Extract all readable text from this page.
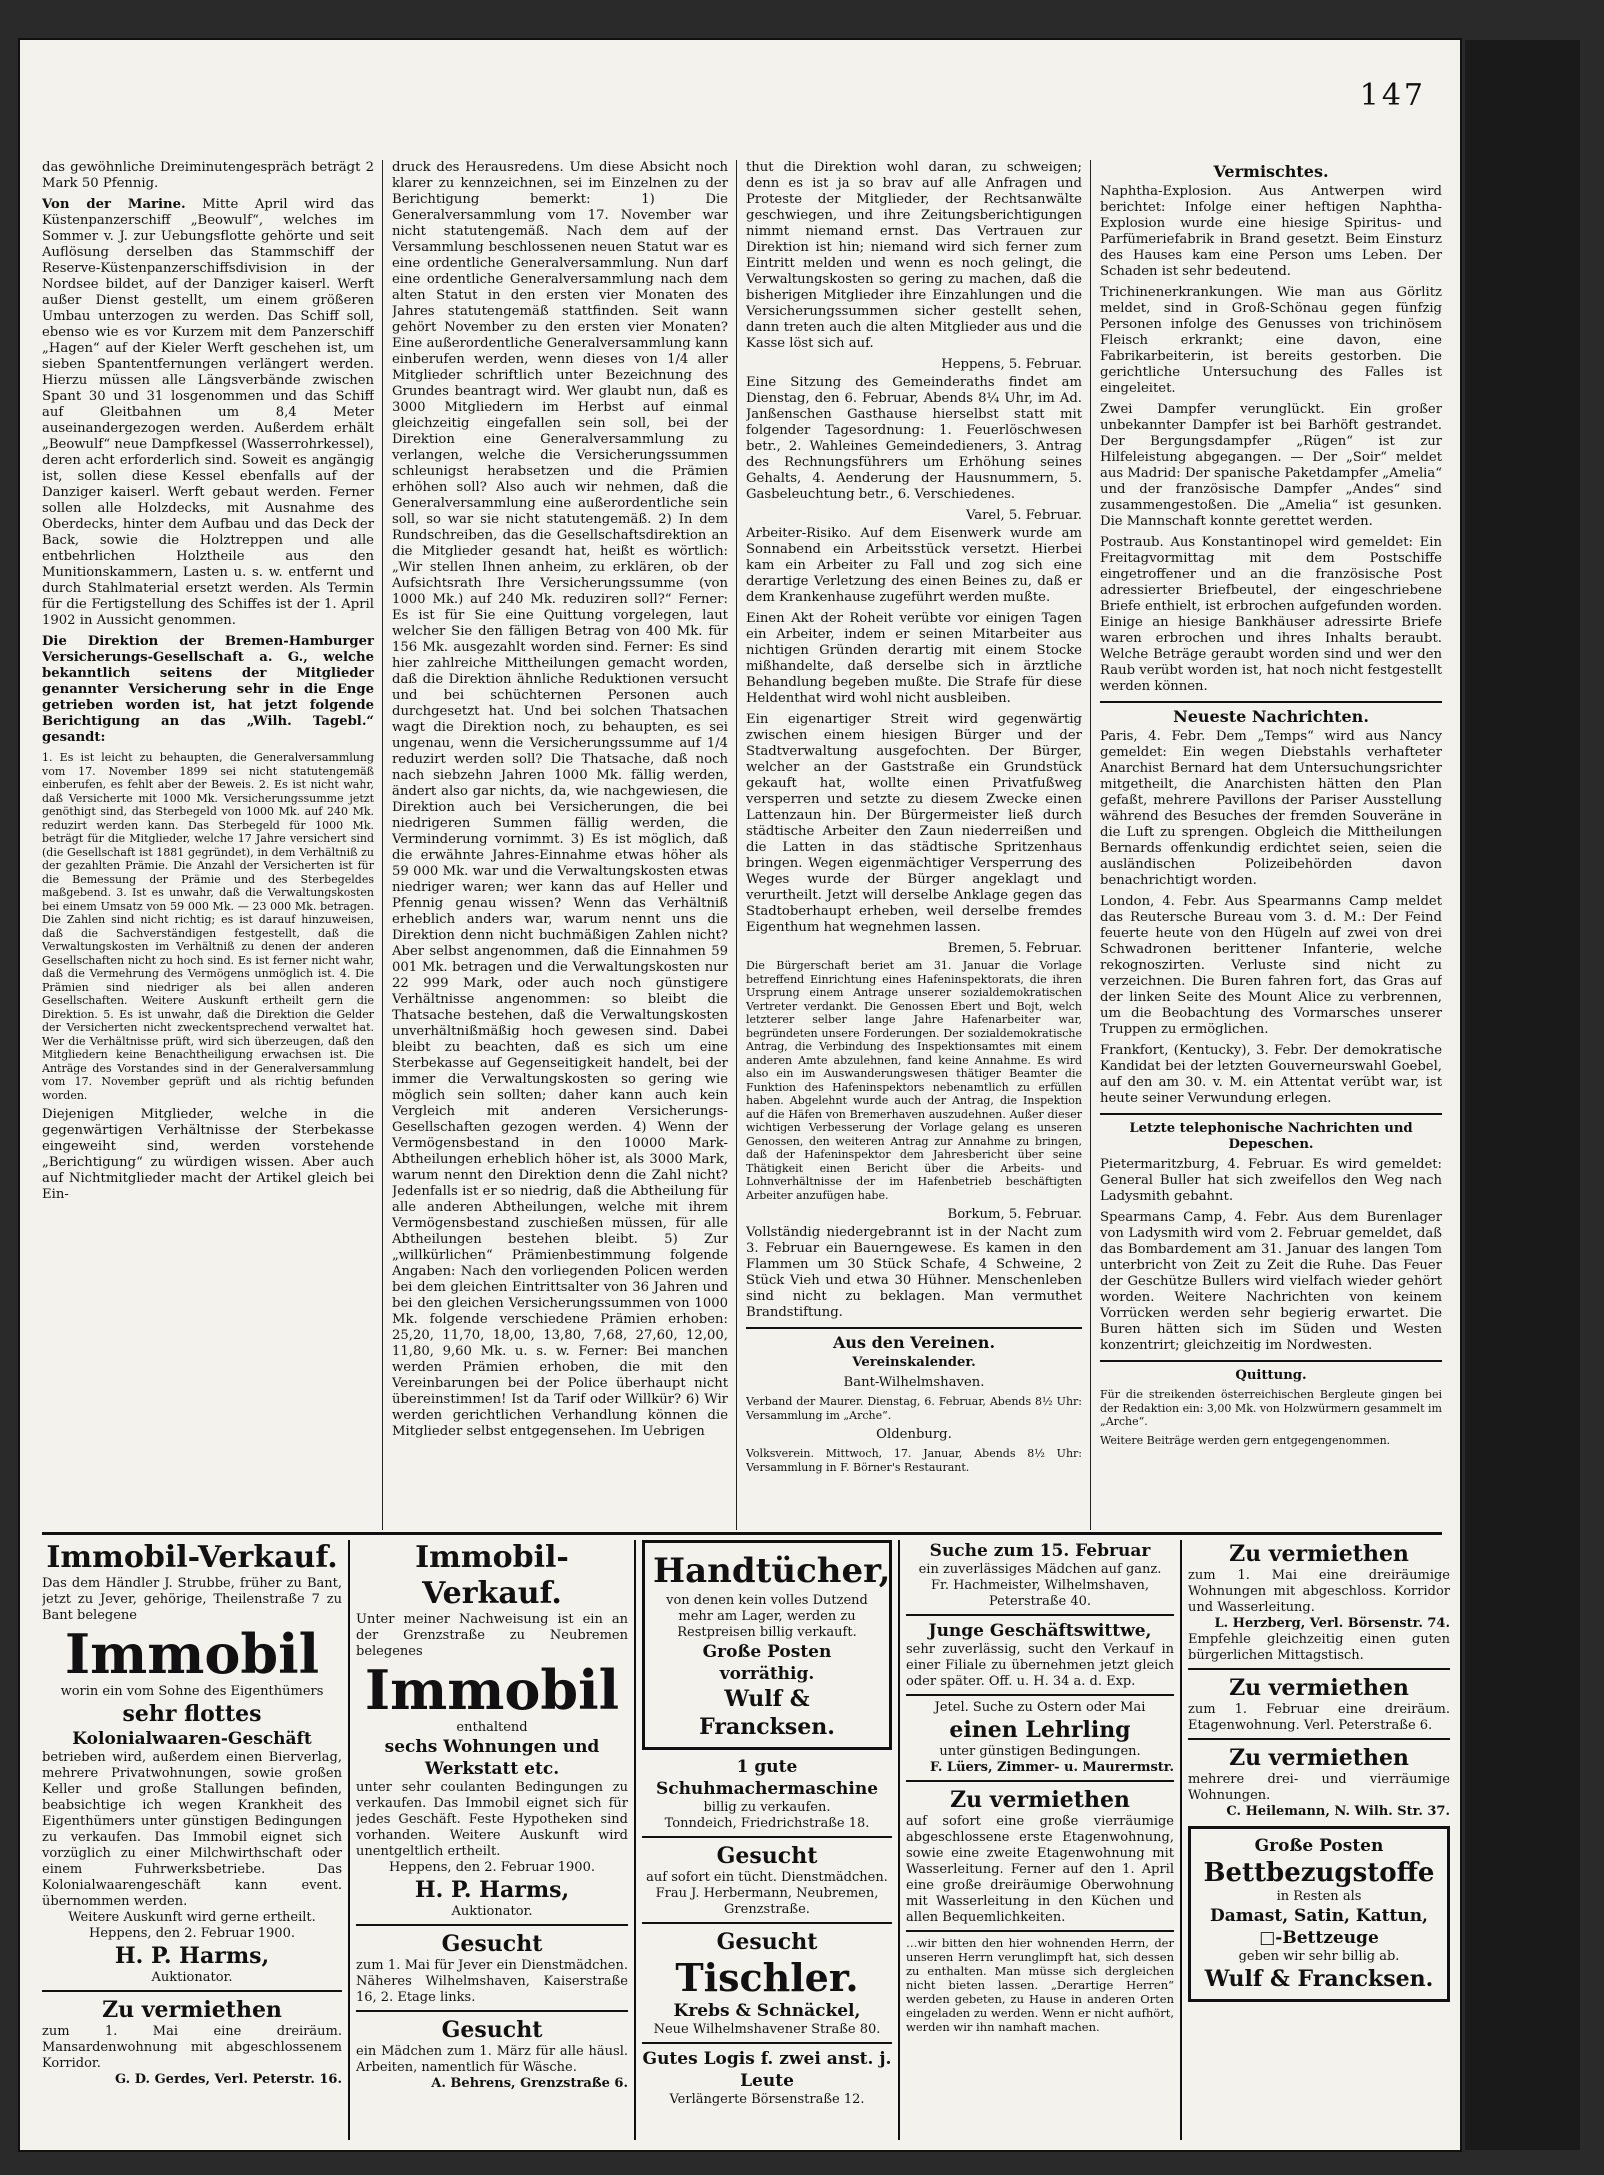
147

das gewöhnliche Dreiminutengespräch beträgt 2 Mark 50 Pfennig.

Von der Marine. Mitte April wird das Küstenpanzerschiff „Beowulf“, welches im Sommer v. J. zur Uebungsflotte gehörte und seit Auflösung derselben das Stammschiff der Reserve-Küstenpanzerschiffsdivision in der Nordsee bildet, auf der Danziger kaiserl. Werft außer Dienst gestellt, um einem größeren Umbau unterzogen zu werden. Das Schiff soll, ebenso wie es vor Kurzem mit dem Panzerschiff „Hagen“ auf der Kieler Werft geschehen ist, um sieben Spantentfernungen verlängert werden. Hierzu müssen alle Längsverbände zwischen Spant 30 und 31 losgenommen und das Schiff auf Gleitbahnen um 8,4 Meter auseinandergezogen werden. Außerdem erhält „Beowulf“ neue Dampfkessel (Wasserrohrkessel), deren acht erforderlich sind. Soweit es angängig ist, sollen diese Kessel ebenfalls auf der Danziger kaiserl. Werft gebaut werden. Ferner sollen alle Holzdecks, mit Ausnahme des Oberdecks, hinter dem Aufbau und das Deck der Back, sowie die Holztreppen und alle entbehrlichen Holztheile aus den Munitionskammern, Lasten u. s. w. entfernt und durch Stahlmaterial ersetzt werden. Als Termin für die Fertigstellung des Schiffes ist der 1. April 1902 in Aussicht genommen.

Die Direktion der Bremen-Hamburger Versicherungs-Gesellschaft a. G., welche bekanntlich seitens der Mitglieder genannter Versicherung sehr in die Enge getrieben worden ist, hat jetzt folgende Berichtigung an das „Wilh. Tagebl.“ gesandt:

1. Es ist leicht zu behaupten, die Generalversammlung vom 17. November 1899 sei nicht statutengemäß einberufen, es fehlt aber der Beweis. 2. Es ist nicht wahr, daß Versicherte mit 1000 Mk. Versicherungssumme jetzt genöthigt sind, das Sterbegeld von 1000 Mk. auf 240 Mk. reduzirt werden kann. Das Sterbegeld für 1000 Mk. beträgt für die Mitglieder, welche 17 Jahre versichert sind (die Gesellschaft ist 1881 gegründet), in dem Verhältniß zu der gezahlten Prämie. Die Anzahl der Versicherten ist für die Bemessung der Prämie und des Sterbegeldes maßgebend. 3. Ist es unwahr, daß die Verwaltungskosten bei einem Umsatz von 59 000 Mk. — 23 000 Mk. betragen. Die Zahlen sind nicht richtig; es ist darauf hinzuweisen, daß die Sachverständigen festgestellt, daß die Verwaltungskosten im Verhältniß zu denen der anderen Gesellschaften nicht zu hoch sind. Es ist ferner nicht wahr, daß die Vermehrung des Vermögens unmöglich ist. 4. Die Prämien sind niedriger als bei allen anderen Gesellschaften. Weitere Auskunft ertheilt gern die Direktion. 5. Es ist unwahr, daß die Direktion die Gelder der Versicherten nicht zweckentsprechend verwaltet hat. Wer die Verhältnisse prüft, wird sich überzeugen, daß den Mitgliedern keine Benachtheiligung erwachsen ist. Die Anträge des Vorstandes sind in der Generalversammlung vom 17. November geprüft und als richtig befunden worden.

Diejenigen Mitglieder, welche in die gegenwärtigen Verhältnisse der Sterbekasse eingeweiht sind, werden vorstehende „Berichtigung“ zu würdigen wissen. Aber auch auf Nichtmitglieder macht der Artikel gleich bei Ein-

druck des Herausredens. Um diese Absicht noch klarer zu kennzeichnen, sei im Einzelnen zu der Berichtigung bemerkt: 1) Die Generalversammlung vom 17. November war nicht statutengemäß. Nach dem auf der Versammlung beschlossenen neuen Statut war es eine ordentliche Generalversammlung. Nun darf eine ordentliche Generalversammlung nach dem alten Statut in den ersten vier Monaten des Jahres statutengemäß stattfinden. Seit wann gehört November zu den ersten vier Monaten? Eine außerordentliche Generalversammlung kann einberufen werden, wenn dieses von 1/4 aller Mitglieder schriftlich unter Bezeichnung des Grundes beantragt wird. Wer glaubt nun, daß es 3000 Mitgliedern im Herbst auf einmal gleichzeitig eingefallen sein soll, bei der Direktion eine Generalversammlung zu verlangen, welche die Versicherungssummen schleunigst herabsetzen und die Prämien erhöhen soll? Also auch wir nehmen, daß die Generalversammlung eine außerordentliche sein soll, so war sie nicht statutengemäß. 2) In dem Rundschreiben, das die Gesellschaftsdirektion an die Mitglieder gesandt hat, heißt es wörtlich: „Wir stellen Ihnen anheim, zu erklären, ob der Aufsichtsrath Ihre Versicherungssumme (von 1000 Mk.) auf 240 Mk. reduziren soll?“ Ferner: Es ist für Sie eine Quittung vorgelegen, laut welcher Sie den fälligen Betrag von 400 Mk. für 156 Mk. ausgezahlt worden sind. Ferner: Es sind hier zahlreiche Mittheilungen gemacht worden, daß die Direktion ähnliche Reduktionen versucht und bei schüchternen Personen auch durchgesetzt hat. Und bei solchen Thatsachen wagt die Direktion noch, zu behaupten, es sei ungenau, wenn die Versicherungssumme auf 1/4 reduzirt werden soll? Die Thatsache, daß noch nach siebzehn Jahren 1000 Mk. fällig werden, ändert also gar nichts, da, wie nachgewiesen, die Direktion auch bei Versicherungen, die bei niedrigeren Summen fällig werden, die Verminderung vornimmt. 3) Es ist möglich, daß die erwähnte Jahres-Einnahme etwas höher als 59 000 Mk. war und die Verwaltungskosten etwas niedriger waren; wer kann das auf Heller und Pfennig genau wissen? Wenn das Verhältniß erheblich anders war, warum nennt uns die Direktion denn nicht buchmäßigen Zahlen nicht? Aber selbst angenommen, daß die Einnahmen 59 001 Mk. betragen und die Verwaltungskosten nur 22 999 Mark, oder auch noch günstigere Verhältnisse angenommen: so bleibt die Thatsache bestehen, daß die Verwaltungskosten unverhältnißmäßig hoch gewesen sind. Dabei bleibt zu beachten, daß es sich um eine Sterbekasse auf Gegenseitigkeit handelt, bei der immer die Verwaltungskosten so gering wie möglich sein sollten; daher kann auch kein Vergleich mit anderen Versicherungs-Gesellschaften gezogen werden. 4) Wenn der Vermögensbestand in den 10000 Mark-Abtheilungen erheblich höher ist, als 3000 Mark, warum nennt den Direktion denn die Zahl nicht? Jedenfalls ist er so niedrig, daß die Abtheilung für alle anderen Abtheilungen, welche mit ihrem Vermögensbestand zuschießen müssen, für alle Abtheilungen bestehen bleibt. 5) Zur „willkürlichen“ Prämienbestimmung folgende Angaben: Nach den vorliegenden Policen werden bei dem gleichen Eintrittsalter von 36 Jahren und bei den gleichen Versicherungssummen von 1000 Mk. folgende verschiedene Prämien erhoben: 25,20, 11,70, 18,00, 13,80, 7,68, 27,60, 12,00, 11,80, 9,60 Mk. u. s. w. Ferner: Bei manchen werden Prämien erhoben, die mit den Vereinbarungen bei der Police überhaupt nicht übereinstimmen! Ist da Tarif oder Willkür? 6) Wir werden gerichtlichen Verhandlung können die Mitglieder selbst entgegensehen. Im Uebrigen

thut die Direktion wohl daran, zu schweigen; denn es ist ja so brav auf alle Anfragen und Proteste der Mitglieder, der Rechtsanwälte geschwiegen, und ihre Zeitungsberichtigungen nimmt niemand ernst. Das Vertrauen zur Direktion ist hin; niemand wird sich ferner zum Eintritt melden und wenn es noch gelingt, die Verwaltungskosten so gering zu machen, daß die bisherigen Mitglieder ihre Einzahlungen und die Versicherungssummen sicher gestellt sehen, dann treten auch die alten Mitglieder aus und die Kasse löst sich auf.

Heppens, 5. Februar.

Eine Sitzung des Gemeinderaths findet am Dienstag, den 6. Februar, Abends 8¼ Uhr, im Ad. Janßenschen Gasthause hierselbst statt mit folgender Tagesordnung: 1. Feuerlöschwesen betr., 2. Wahleines Gemeindedieners, 3. Antrag des Rechnungsführers um Erhöhung seines Gehalts, 4. Aenderung der Hausnummern, 5. Gasbeleuchtung betr., 6. Verschiedenes.

Varel, 5. Februar.

Arbeiter-Risiko. Auf dem Eisenwerk wurde am Sonnabend ein Arbeitsstück versetzt. Hierbei kam ein Arbeiter zu Fall und zog sich eine derartige Verletzung des einen Beines zu, daß er dem Krankenhause zugeführt werden mußte.

Einen Akt der Roheit verübte vor einigen Tagen ein Arbeiter, indem er seinen Mitarbeiter aus nichtigen Gründen derartig mit einem Stocke mißhandelte, daß derselbe sich in ärztliche Behandlung begeben mußte. Die Strafe für diese Heldenthat wird wohl nicht ausbleiben.

Ein eigenartiger Streit wird gegenwärtig zwischen einem hiesigen Bürger und der Stadtverwaltung ausgefochten. Der Bürger, welcher an der Gaststraße ein Grundstück gekauft hat, wollte einen Privatfußweg versperren und setzte zu diesem Zwecke einen Lattenzaun hin. Der Bürgermeister ließ durch städtische Arbeiter den Zaun niederreißen und die Latten in das städtische Spritzenhaus bringen. Wegen eigenmächtiger Versperrung des Weges wurde der Bürger angeklagt und verurtheilt. Jetzt will derselbe Anklage gegen das Stadtoberhaupt erheben, weil derselbe fremdes Eigenthum hat wegnehmen lassen.

Bremen, 5. Februar.

Die Bürgerschaft beriet am 31. Januar die Vorlage betreffend Einrichtung eines Hafeninspektorats, die ihren Ursprung einem Antrage unserer sozialdemokratischen Vertreter verdankt. Die Genossen Ebert und Bojt, welch letzterer selber lange Jahre Hafenarbeiter war, begründeten unsere Forderungen. Der sozialdemokratische Antrag, die Verbindung des Inspektionsamtes mit einem anderen Amte abzulehnen, fand keine Annahme. Es wird also ein im Auswanderungswesen thätiger Beamter die Funktion des Hafeninspektors nebenamtlich zu erfüllen haben. Abgelehnt wurde auch der Antrag, die Inspektion auf die Häfen von Bremerhaven auszudehnen. Außer dieser wichtigen Verbesserung der Vorlage gelang es unseren Genossen, den weiteren Antrag zur Annahme zu bringen, daß der Hafeninspektor dem Jahresbericht über seine Thätigkeit einen Bericht über die Arbeits- und Lohnverhältnisse der im Hafenbetrieb beschäftigten Arbeiter anzufügen habe.

Borkum, 5. Februar.

Vollständig niedergebrannt ist in der Nacht zum 3. Februar ein Bauerngewese. Es kamen in den Flammen um 30 Stück Schafe, 4 Schweine, 2 Stück Vieh und etwa 30 Hühner. Menschenleben sind nicht zu beklagen. Man vermuthet Brandstiftung.

Aus den Vereinen.

Vereinskalender.

Bant-Wilhelmshaven.

Verband der Maurer. Dienstag, 6. Februar, Abends 8½ Uhr: Versammlung im „Arche“.

Oldenburg.

Volksverein. Mittwoch, 17. Januar, Abends 8½ Uhr: Versammlung in F. Börner's Restaurant.

Vermischtes.

Naphtha-Explosion. Aus Antwerpen wird berichtet: Infolge einer heftigen Naphtha-Explosion wurde eine hiesige Spiritus- und Parfümeriefabrik in Brand gesetzt. Beim Einsturz des Hauses kam eine Person ums Leben. Der Schaden ist sehr bedeutend.

Trichinenerkrankungen. Wie man aus Görlitz meldet, sind in Groß-Schönau gegen fünfzig Personen infolge des Genusses von trichinösem Fleisch erkrankt; eine davon, eine Fabrikarbeiterin, ist bereits gestorben. Die gerichtliche Untersuchung des Falles ist eingeleitet.

Zwei Dampfer verunglückt. Ein großer unbekannter Dampfer ist bei Barhöft gestrandet. Der Bergungsdampfer „Rügen“ ist zur Hilfeleistung abgegangen. — Der „Soir“ meldet aus Madrid: Der spanische Paketdampfer „Amelia“ und der französische Dampfer „Andes“ sind zusammengestoßen. Die „Amelia“ ist gesunken. Die Mannschaft konnte gerettet werden.

Postraub. Aus Konstantinopel wird gemeldet: Ein Freitagvormittag mit dem Postschiffe eingetroffener und an die französische Post adressierter Briefbeutel, der eingeschriebene Briefe enthielt, ist erbrochen aufgefunden worden. Einige an hiesige Bankhäuser adressirte Briefe waren erbrochen und ihres Inhalts beraubt. Welche Beträge geraubt worden sind und wer den Raub verübt worden ist, hat noch nicht festgestellt werden können.

Neueste Nachrichten.

Paris, 4. Febr. Dem „Temps“ wird aus Nancy gemeldet: Ein wegen Diebstahls verhafteter Anarchist Bernard hat dem Untersuchungsrichter mitgetheilt, die Anarchisten hätten den Plan gefaßt, mehrere Pavillons der Pariser Ausstellung während des Besuches der fremden Souveräne in die Luft zu sprengen. Obgleich die Mittheilungen Bernards offenkundig erdichtet seien, seien die ausländischen Polizeibehörden davon benachrichtigt worden.

London, 4. Febr. Aus Spearmanns Camp meldet das Reutersche Bureau vom 3. d. M.: Der Feind feuerte heute von den Hügeln auf zwei von drei Schwadronen berittener Infanterie, welche rekognoszirten. Verluste sind nicht zu verzeichnen. Die Buren fahren fort, das Gras auf der linken Seite des Mount Alice zu verbrennen, um die Beobachtung des Vormarsches unserer Truppen zu ermöglichen.

Frankfort, (Kentucky), 3. Febr. Der demokratische Kandidat bei der letzten Gouverneurswahl Goebel, auf den am 30. v. M. ein Attentat verübt war, ist heute seiner Verwundung erlegen.

Letzte telephonische Nachrichten und Depeschen.

Pietermaritzburg, 4. Februar. Es wird gemeldet: General Buller hat sich zweifellos den Weg nach Ladysmith gebahnt.

Spearmans Camp, 4. Febr. Aus dem Burenlager von Ladysmith wird vom 2. Februar gemeldet, daß das Bombardement am 31. Januar des langen Tom unterbricht von Zeit zu Zeit die Ruhe. Das Feuer der Geschütze Bullers wird vielfach wieder gehört worden. Weitere Nachrichten von keinem Vorrücken werden sehr begierig erwartet. Die Buren hätten sich im Süden und Westen konzentrirt; gleichzeitig im Nordwesten.

Quittung.

Für die streikenden österreichischen Bergleute gingen bei der Redaktion ein: 3,00 Mk. von Holzwürmern gesammelt im „Arche“.

Weitere Beiträge werden gern entgegengenommen.

Immobil-Verkauf.
Das dem Händler J. Strubbe, früher zu Bant, jetzt zu Jever, gehörige, Theilenstraße 7 zu Bant belegene
Immobil
worin ein vom Sohne des Eigenthümers
sehr flottes
Kolonialwaaren-Geschäft
betrieben wird, außerdem einen Bierverlag, mehrere Privatwohnungen, sowie großen Keller und große Stallungen befinden, beabsichtige ich wegen Krankheit des Eigenthümers unter günstigen Bedingungen zu verkaufen. Das Immobil eignet sich vorzüglich zu einer Milchwirthschaft oder einem Fuhrwerksbetriebe. Das Kolonialwaarengeschäft kann event. übernommen werden.
Weitere Auskunft wird gerne ertheilt.
Heppens, den 2. Februar 1900.
H. P. Harms,
Auktionator.
Zu vermiethen
zum 1. Mai eine dreiräum. Mansardenwohnung mit abgeschlossenem Korridor.
G. D. Gerdes, Verl. Peterstr. 16.
Immobil-Verkauf.
Unter meiner Nachweisung ist ein an der Grenzstraße zu Neubremen belegenes
Immobil
enthaltend
sechs Wohnungen und
Werkstatt etc.
unter sehr coulanten Bedingungen zu verkaufen. Das Immobil eignet sich für jedes Geschäft. Feste Hypotheken sind vorhanden. Weitere Auskunft wird unentgeltlich ertheilt.
Heppens, den 2. Februar 1900.
H. P. Harms,
Auktionator.
Gesucht
zum 1. Mai für Jever ein Dienstmädchen. Näheres Wilhelmshaven, Kaiserstraße 16, 2. Etage links.
Gesucht
ein Mädchen zum 1. März für alle häusl. Arbeiten, namentlich für Wäsche.
A. Behrens, Grenzstraße 6.
Handtücher,
von denen kein volles Dutzend mehr am Lager, werden zu Restpreisen billig verkauft.
Große Posten vorräthig.
Wulf & Francksen.
1 gute Schuhmachermaschine
billig zu verkaufen.
Tonndeich, Friedrichstraße 18.
Gesucht
auf sofort ein tücht. Dienstmädchen.
Frau J. Herbermann, Neubremen, Grenzstraße.
Gesucht
Tischler.
Krebs & Schnäckel,
Neue Wilhelmshavener Straße 80.
Gutes Logis f. zwei anst. j. Leute
Verlängerte Börsenstraße 12.
Suche zum 15. Februar
ein zuverlässiges Mädchen auf ganz.
Fr. Hachmeister, Wilhelmshaven, Peterstraße 40.
Junge Geschäftswittwe,
sehr zuverlässig, sucht den Verkauf in einer Filiale zu übernehmen jetzt gleich oder später. Off. u. H. 34 a. d. Exp.
Jetel. Suche zu Ostern oder Mai
einen Lehrling
unter günstigen Bedingungen.
F. Lüers, Zimmer- u. Maurermstr.
Zu vermiethen
auf sofort eine große vierräumige abgeschlossene erste Etagenwohnung, sowie eine zweite Etagenwohnung mit Wasserleitung. Ferner auf den 1. April eine große dreiräumige Oberwohnung mit Wasserleitung in den Küchen und allen Bequemlichkeiten.
…wir bitten den hier wohnenden Herrn, der unseren Herrn verunglimpft hat, sich dessen zu enthalten. Man müsse sich dergleichen nicht bieten lassen. „Derartige Herren“ werden gebeten, zu Hause in anderen Orten eingeladen zu werden. Wenn er nicht aufhört, werden wir ihn namhaft machen.
Zu vermiethen
zum 1. Mai eine dreiräumige Wohnungen mit abgeschloss. Korridor und Wasserleitung.
L. Herzberg, Verl. Börsenstr. 74.
Empfehle gleichzeitig einen guten bürgerlichen Mittagstisch.
Zu vermiethen
zum 1. Februar eine dreiräum. Etagenwohnung. Verl. Peterstraße 6.
Zu vermiethen
mehrere drei- und vierräumige Wohnungen.
C. Heilemann, N. Wilh. Str. 37.
Große Posten
Bettbezugstoffe
in Resten als
Damast, Satin, Kattun,
□-Bettzeuge
geben wir sehr billig ab.
Wulf & Francksen.
